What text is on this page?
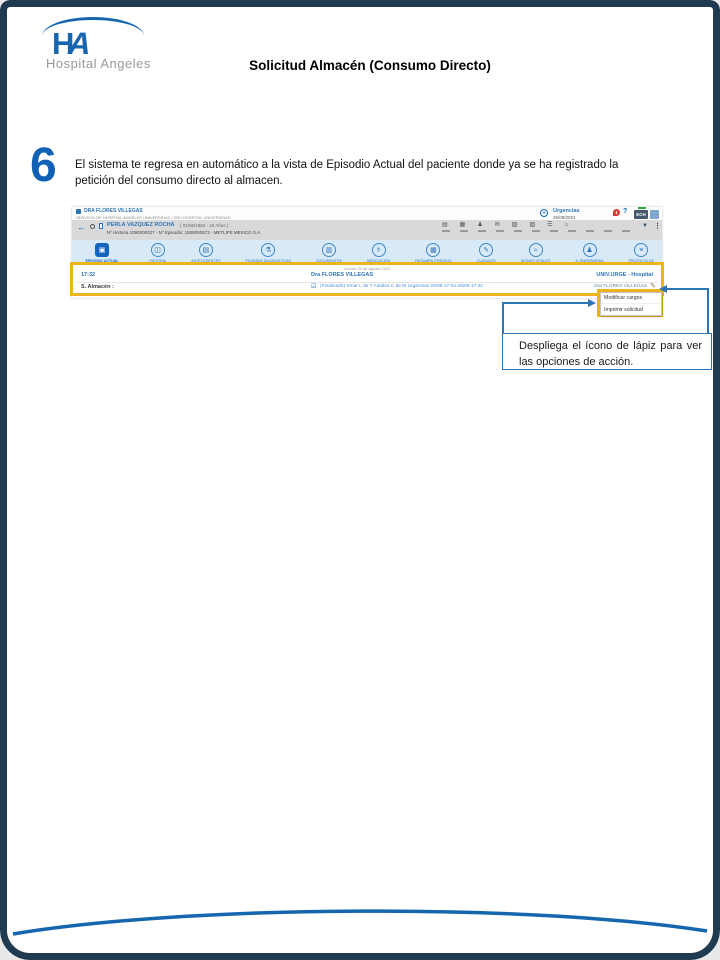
HA
Hospital Angeles	Solicitud Almacén (Consumo Directo)
6 El sistema te regresa en automático a la vista de Episodio Actual del paciente donde ya se ha registrado la petición del consumo directo al almacen.
DRA FLORES VILLEGAS
SERVICIO DE HOSPITAL ANGELES UNIVERSIDAD / SRV HOSPITAL UNIVERSIDAD
+	Urgencias
25/08/2022
1 ?	ECH
←	PERLA VAZQUEZ ROCHA ( 01/06/1982 - 40 Años )
Nº Historia 1090000027 - Nº Episodio: 1508000673 - METLIFE MEXICO S.A.
▤ ▦ ♟ ✉ ▧ ▨ ☰ ⌂	▼ ⋮
▣
EPISODIO ACTUAL
◫
HISTORIA
▤
ANTECEDENTES
⚗
PRUEBAS DIAGNÓSTICAS
▥
DOCUMENTOS
⚕
MEDICACIÓN
▦
RESUMEN EPISODIO
✎
CUIDADOS
≈
SIGNOS VITALES
♟
A. ENFERMERIA
≡
PROTOCOLOS
Jueves 25 de agosto 2022
17:32	Dra FLORES VILLEGAS	UNIV.URGE - Hospital
S. Almacén :	☑ (Finalizado) Smar L de T Adultos C de M Urgencias 25/08 17:04-25/08 17:32	Dra FLORES VILLEGAS ✎
Modificar cargos
Imprimir solicitud

Despliega el ícono de lápiz para ver las opciones de acción.
